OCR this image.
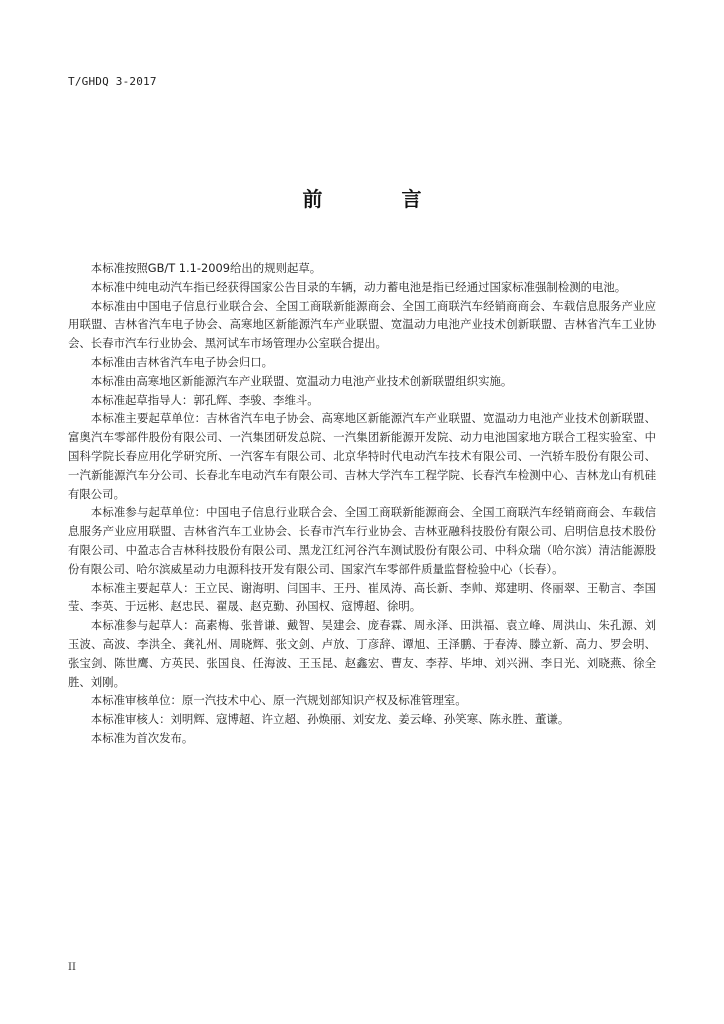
T/GHDQ 3-2017
前 言

本标准按照GB/T 1.1-2009给出的规则起草。

本标准中纯电动汽车指已经获得国家公告目录的车辆，动力蓄电池是指已经通过国家标准强制检测的电池。

本标准由中国电子信息行业联合会、全国工商联新能源商会、全国工商联汽车经销商商会、车载信息服务产业应用联盟、吉林省汽车电子协会、高寒地区新能源汽车产业联盟、宽温动力电池产业技术创新联盟、吉林省汽车工业协会、长春市汽车行业协会、黑河试车市场管理办公室联合提出。

本标准由吉林省汽车电子协会归口。

本标准由高寒地区新能源汽车产业联盟、宽温动力电池产业技术创新联盟组织实施。

本标准起草指导人：郭孔辉、李骏、李维斗。

本标准主要起草单位：吉林省汽车电子协会、高寒地区新能源汽车产业联盟、宽温动力电池产业技术创新联盟、富奥汽车零部件股份有限公司、一汽集团研发总院、一汽集团新能源开发院、动力电池国家地方联合工程实验室、中国科学院长春应用化学研究所、一汽客车有限公司、北京华特时代电动汽车技术有限公司、一汽轿车股份有限公司、一汽新能源汽车分公司、长春北车电动汽车有限公司、吉林大学汽车工程学院、长春汽车检测中心、吉林龙山有机硅有限公司。

本标准参与起草单位：中国电子信息行业联合会、全国工商联新能源商会、全国工商联汽车经销商商会、车载信息服务产业应用联盟、吉林省汽车工业协会、长春市汽车行业协会、吉林亚融科技股份有限公司、启明信息技术股份有限公司、中盈志合吉林科技股份有限公司、黑龙江红河谷汽车测试股份有限公司、中科众瑞（哈尔滨）清洁能源股份有限公司、哈尔滨威星动力电源科技开发有限公司、国家汽车零部件质量监督检验中心（长春）。

本标准主要起草人：王立民、谢海明、闫国丰、王丹、崔凤涛、高长新、李帅、郑建明、佟丽翠、王勒言、李国莹、李英、于远彬、赵忠民、翟晟、赵克勤、孙国权、寇博超、徐明。

本标准参与起草人：高素梅、张普谦、戴智、吴建会、庞春霖、周永泽、田洪福、袁立峰、周洪山、朱孔源、刘玉波、高波、李洪全、龚礼州、周晓辉、张文剑、卢放、丁彦辞、谭旭、王泽鹏、于春涛、滕立新、高力、罗会明、张宝剑、陈世鹰、方英民、张国良、任海波、王玉昆、赵鑫宏、曹友、李荐、毕坤、刘兴洲、李日光、刘晓燕、徐全胜、刘刚。

本标准审核单位：原一汽技术中心、原一汽规划部知识产权及标准管理室。

本标准审核人：刘明辉、寇博超、许立超、孙焕丽、刘安龙、姜云峰、孙笑寒、陈永胜、董谦。

本标准为首次发布。

II
